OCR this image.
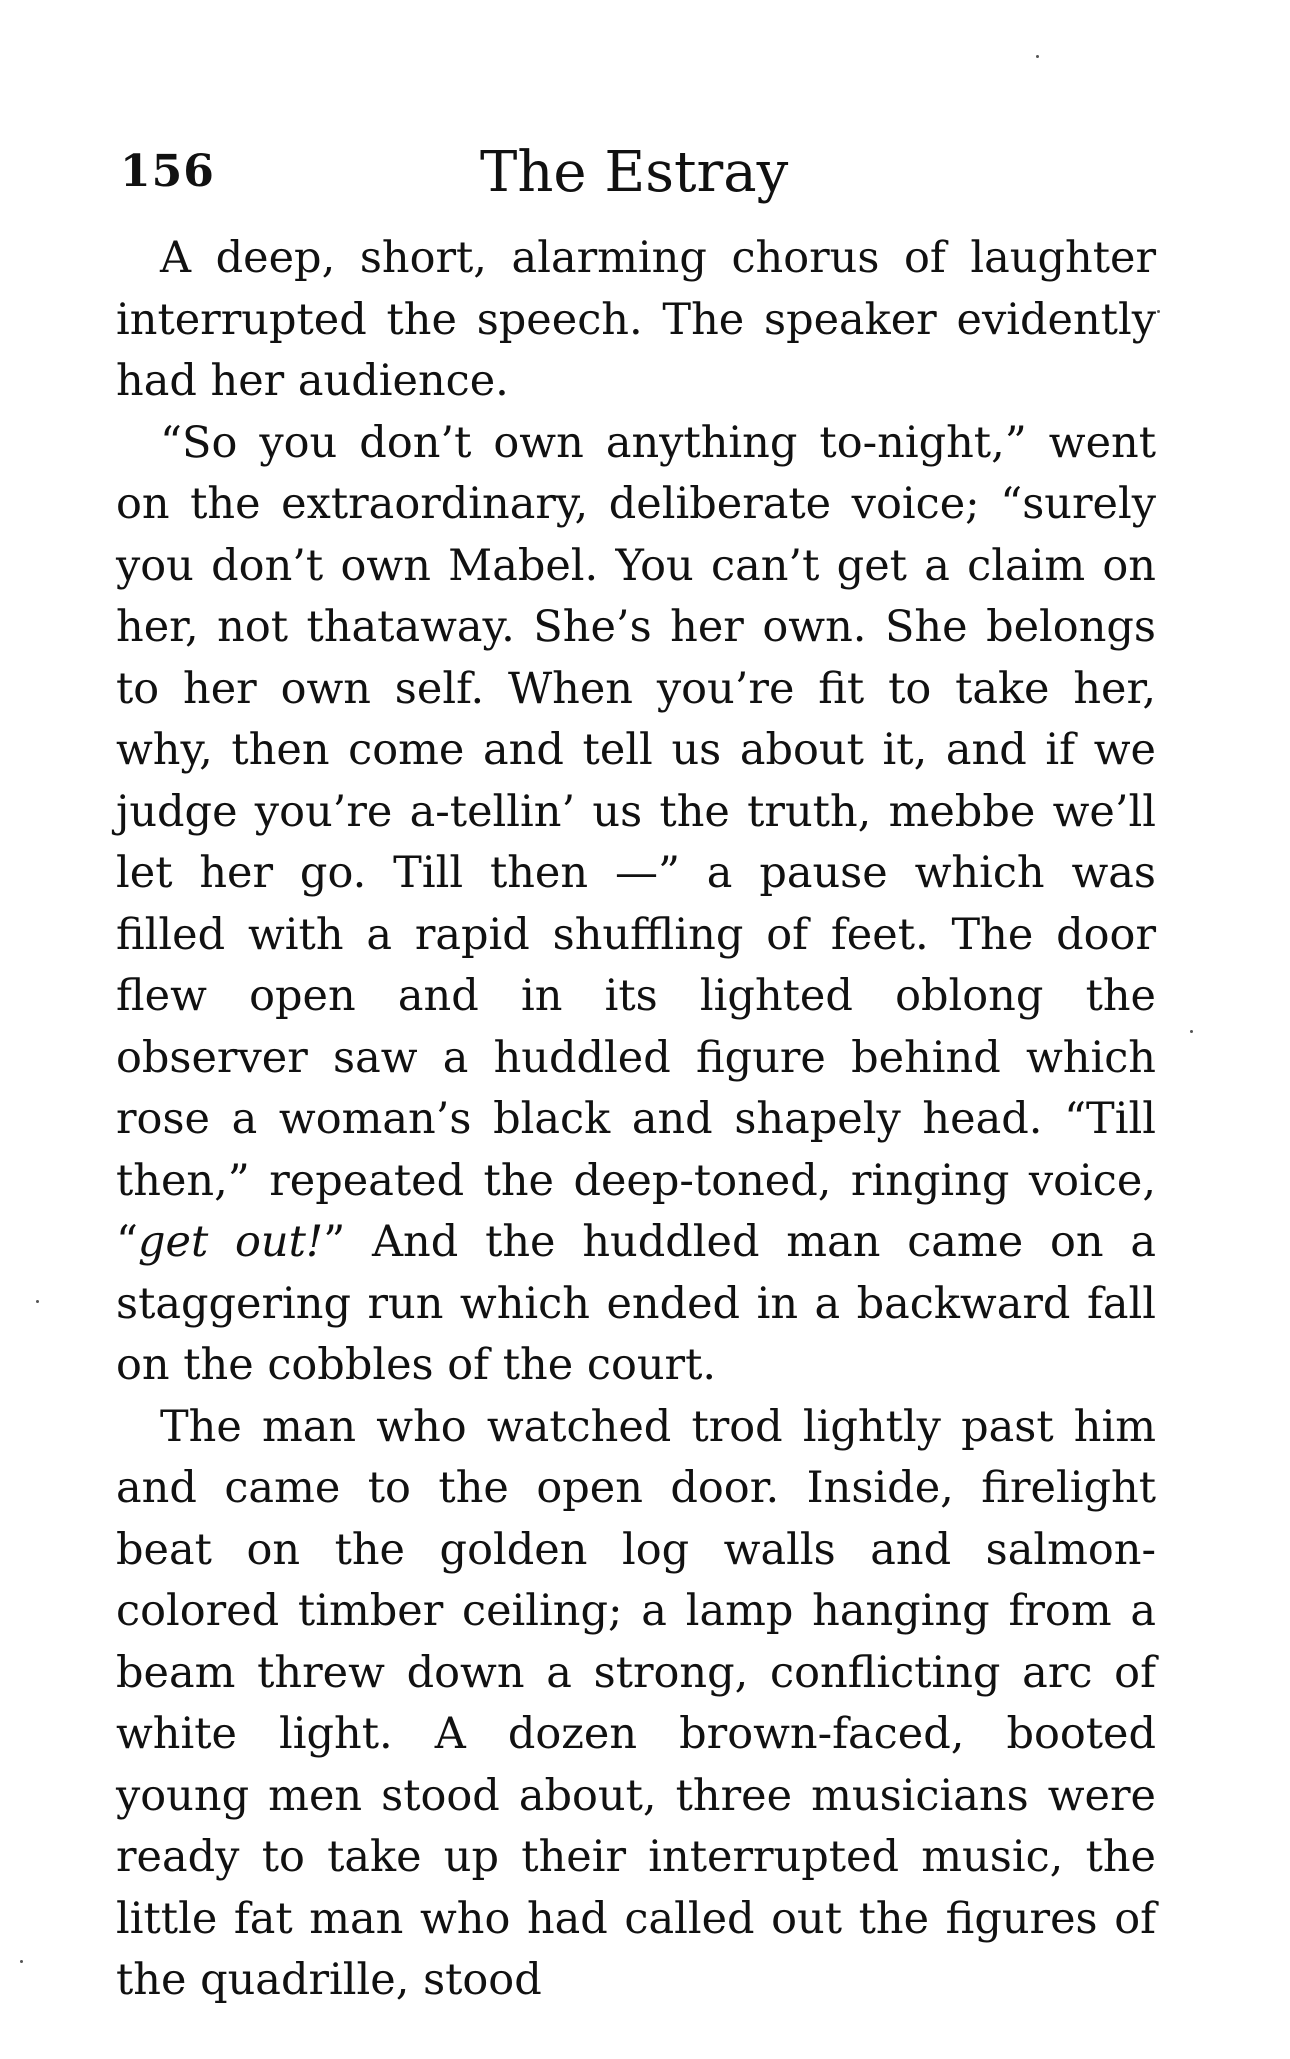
156	The Estray

A deep, short, alarming chorus of laughter interrupted the speech. The speaker evidently had her audience.

“So you don’t own anything to-night,” went on the extraordinary, deliberate voice; “surely you don’t own Mabel. You can’t get a claim on her, not thataway. She’s her own. She belongs to her own self. When you’re fit to take her, why, then come and tell us about it, and if we judge you’re a-tellin’ us the truth, mebbe we’ll let her go. Till then —” a pause which was filled with a rapid shuffling of feet. The door flew open and in its lighted oblong the observer saw a huddled figure behind which rose a woman’s black and shapely head. “Till then,” repeated the deep-toned, ringing voice, “get out!” And the huddled man came on a staggering run which ended in a backward fall on the cobbles of the court.

The man who watched trod lightly past him and came to the open door. Inside, firelight beat on the golden log walls and salmon-colored timber ceiling; a lamp hanging from a beam threw down a strong, conflicting arc of white light. A dozen brown-faced, booted young men stood about, three musicians were ready to take up their interrupted music, the little fat man who had called out the figures of the quadrille, stood
